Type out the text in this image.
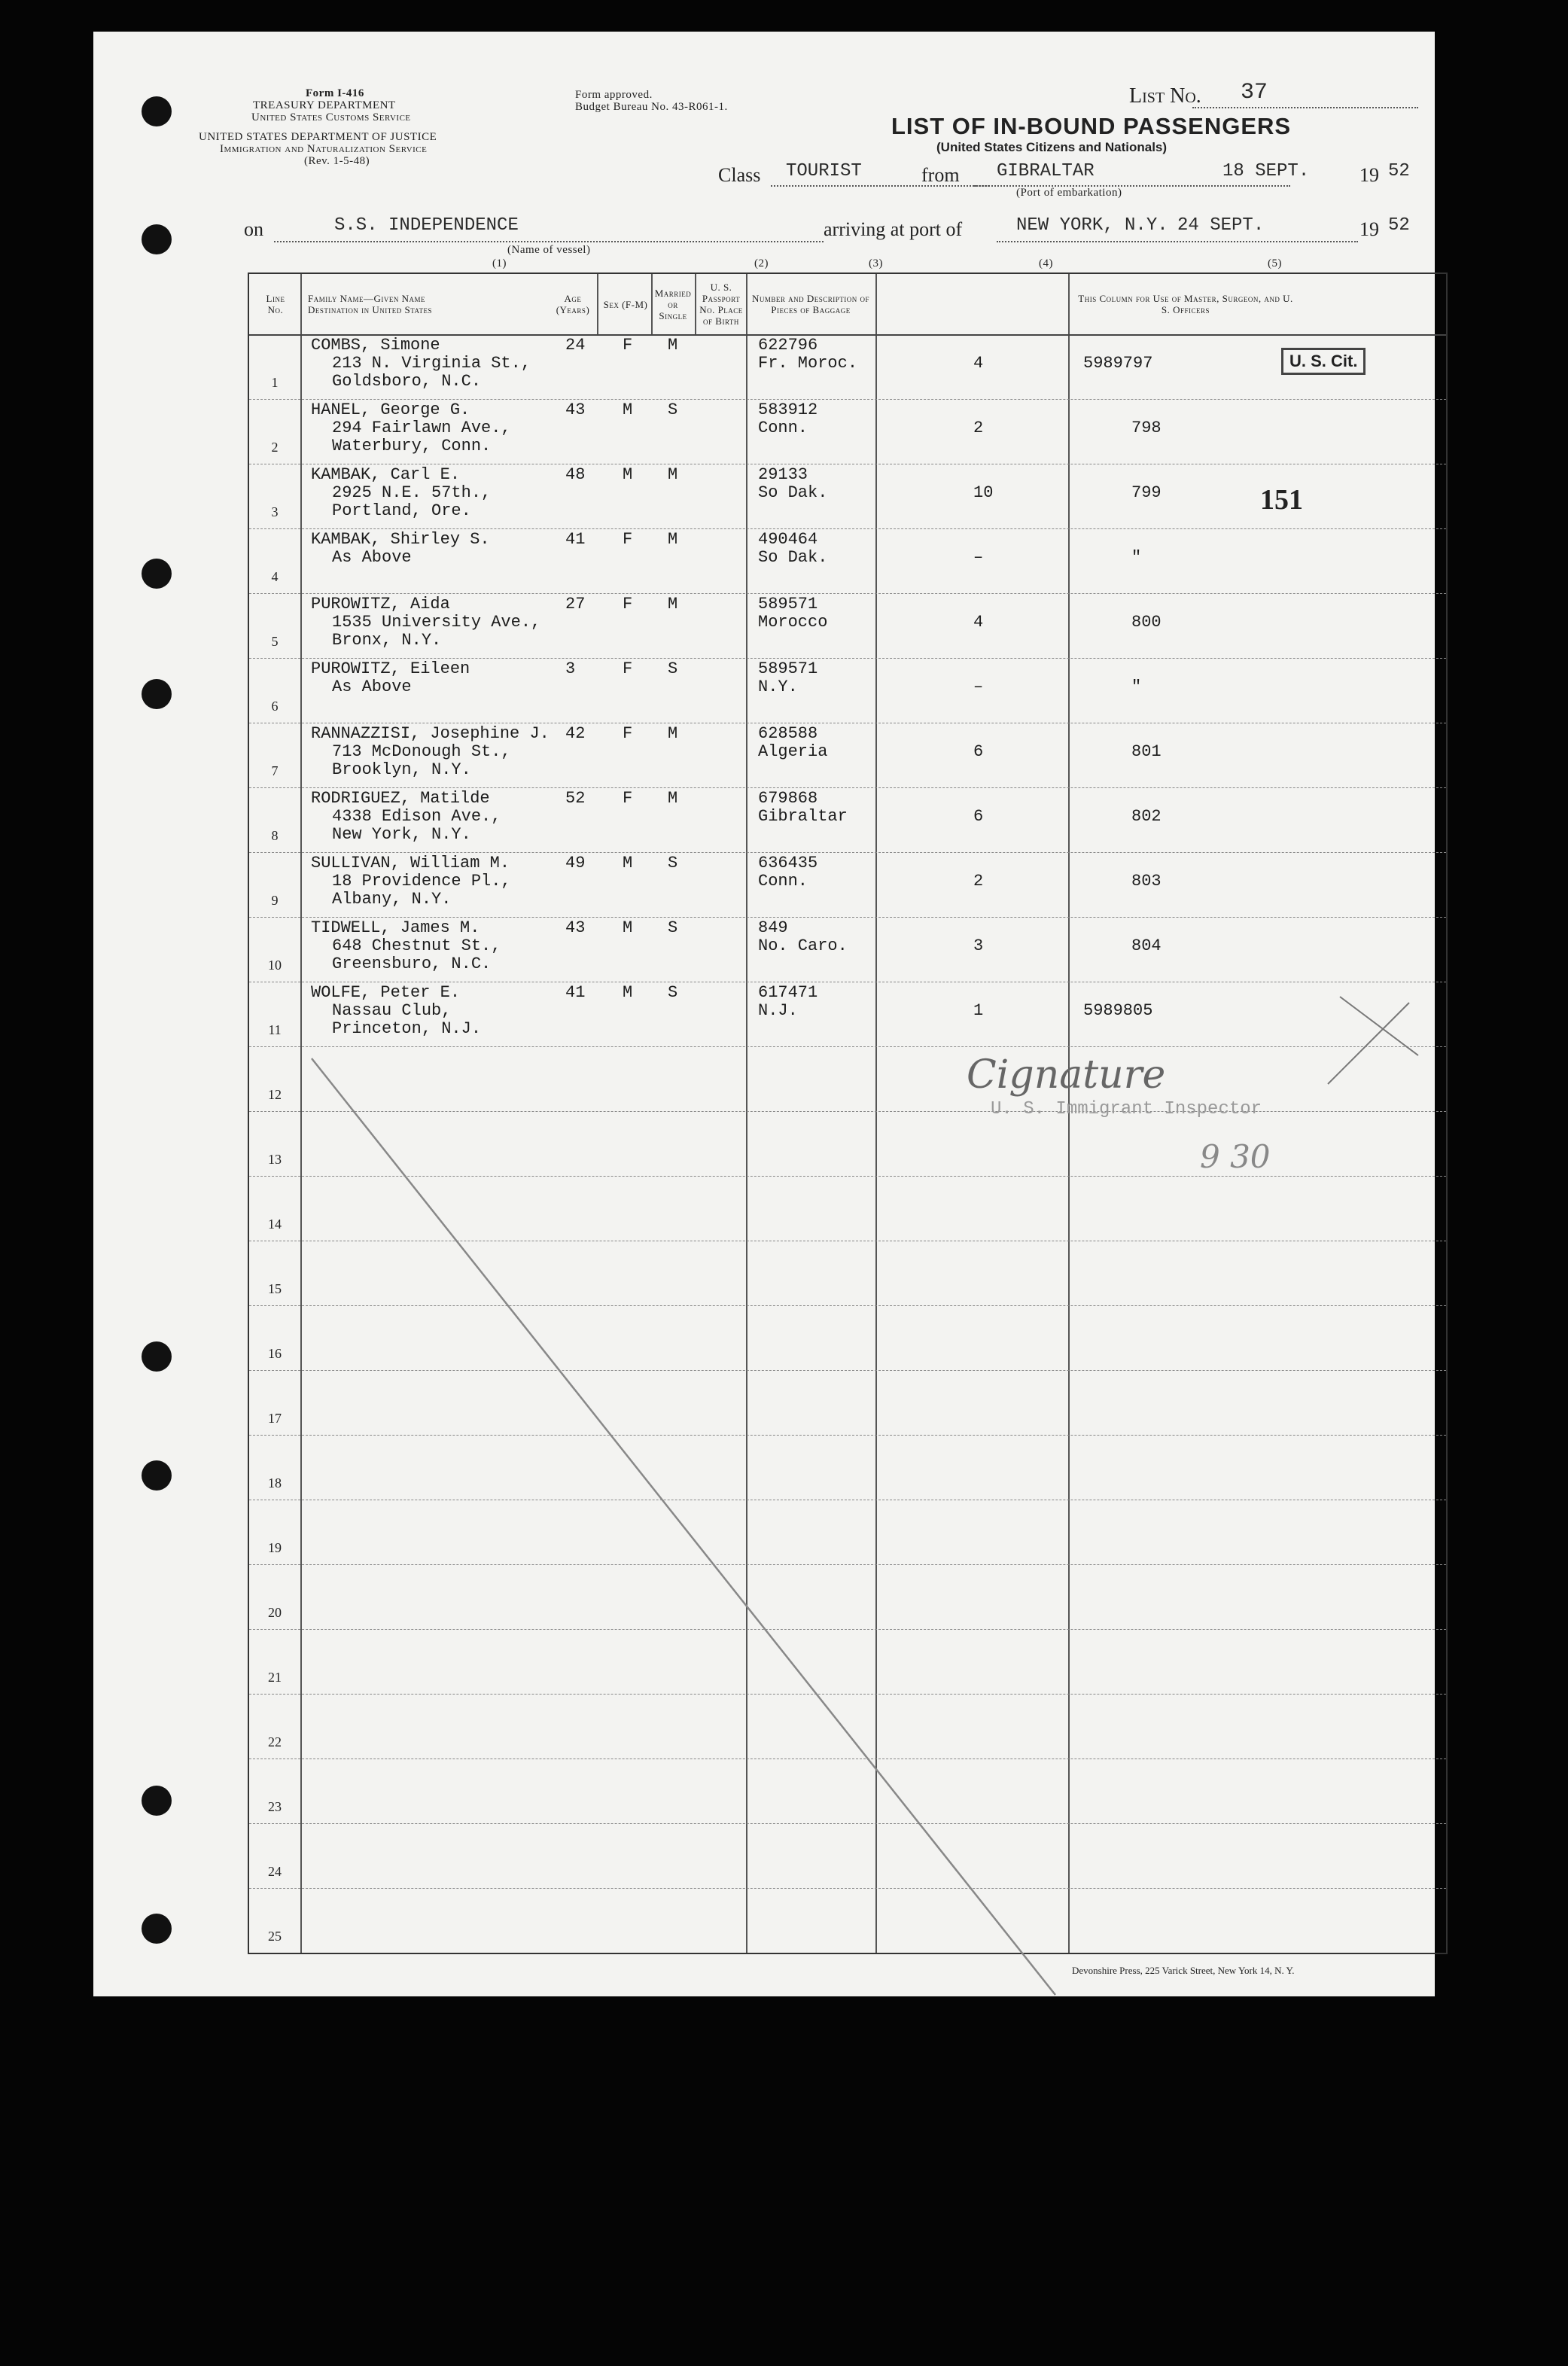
Form I-416
TREASURY DEPARTMENT
United States Customs Service
UNITED STATES DEPARTMENT OF JUSTICE
Immigration and Naturalization Service
(Rev. 1-5-48)
Form approved.
Budget Bureau No. 43-R061-1.	List No. 37
LIST OF IN-BOUND PASSENGERS
(United States Citizens and Nationals)
Class TOURIST	from GIBRALTAR
(Port of embarkation)
18 SEPT.	19 52
on	S.S. INDEPENDENCE
(Name of vessel)
arriving at port of	NEW YORK, N.Y. 24 SEPT.	19 52
(1)	(2)	(3)	(4)	(5)
Line No.
Family Name—Given Name Destination in United States
Age (Years)	Sex (F-M)
Married or Single
U. S. Passport No. Place of Birth
Number and Description of Pieces of Baggage
This Column for Use of Master, Surgeon, and U. S. Officers
1
COMBS, Simone
213 N. Virginia St.,
Goldsboro, N.C.
24 F M	622796
Fr. Moroc.	4	5989797
2
HANEL, George G.
294 Fairlawn Ave.,
Waterbury, Conn.
43 M S	583912
Conn.	2	798
3
KAMBAK, Carl E.
2925 N.E. 57th.,
Portland, Ore.
48 M M	29133
So Dak.	10	799
4
KAMBAK, Shirley S.
As Above
41 F M	490464
So Dak.	–	"
5
PUROWITZ, Aida
1535 University Ave.,
Bronx, N.Y.
27 F M	589571
Morocco	4	800
6
PUROWITZ, Eileen
As Above
3	F S	589571
N.Y.	–	"
7
RANNAZZISI, Josephine J.
713 McDonough St.,
Brooklyn, N.Y.
42 F M	628588
Algeria	6	801
8
RODRIGUEZ, Matilde
4338 Edison Ave.,
New York, N.Y.
52 F M	679868
Gibraltar	6	802
9
SULLIVAN, William M.
18 Providence Pl.,
Albany, N.Y.
49 M S	636435
Conn.	2	803
10
TIDWELL, James M.
648 Chestnut St.,
Greensburo, N.C.
43 M S	849
No. Caro.	3	804
11
WOLFE, Peter E.
Nassau Club,
Princeton, N.J.
41 M S	617471
N.J.	1	5989805
12
13
14
15
16
17
18
19
20
21
22
23
24
25
U. S. Cit.
151
Сignature
U. S. Immigrant Inspector
9 30
Devonshire Press, 225 Varick Street, New York 14, N. Y.
